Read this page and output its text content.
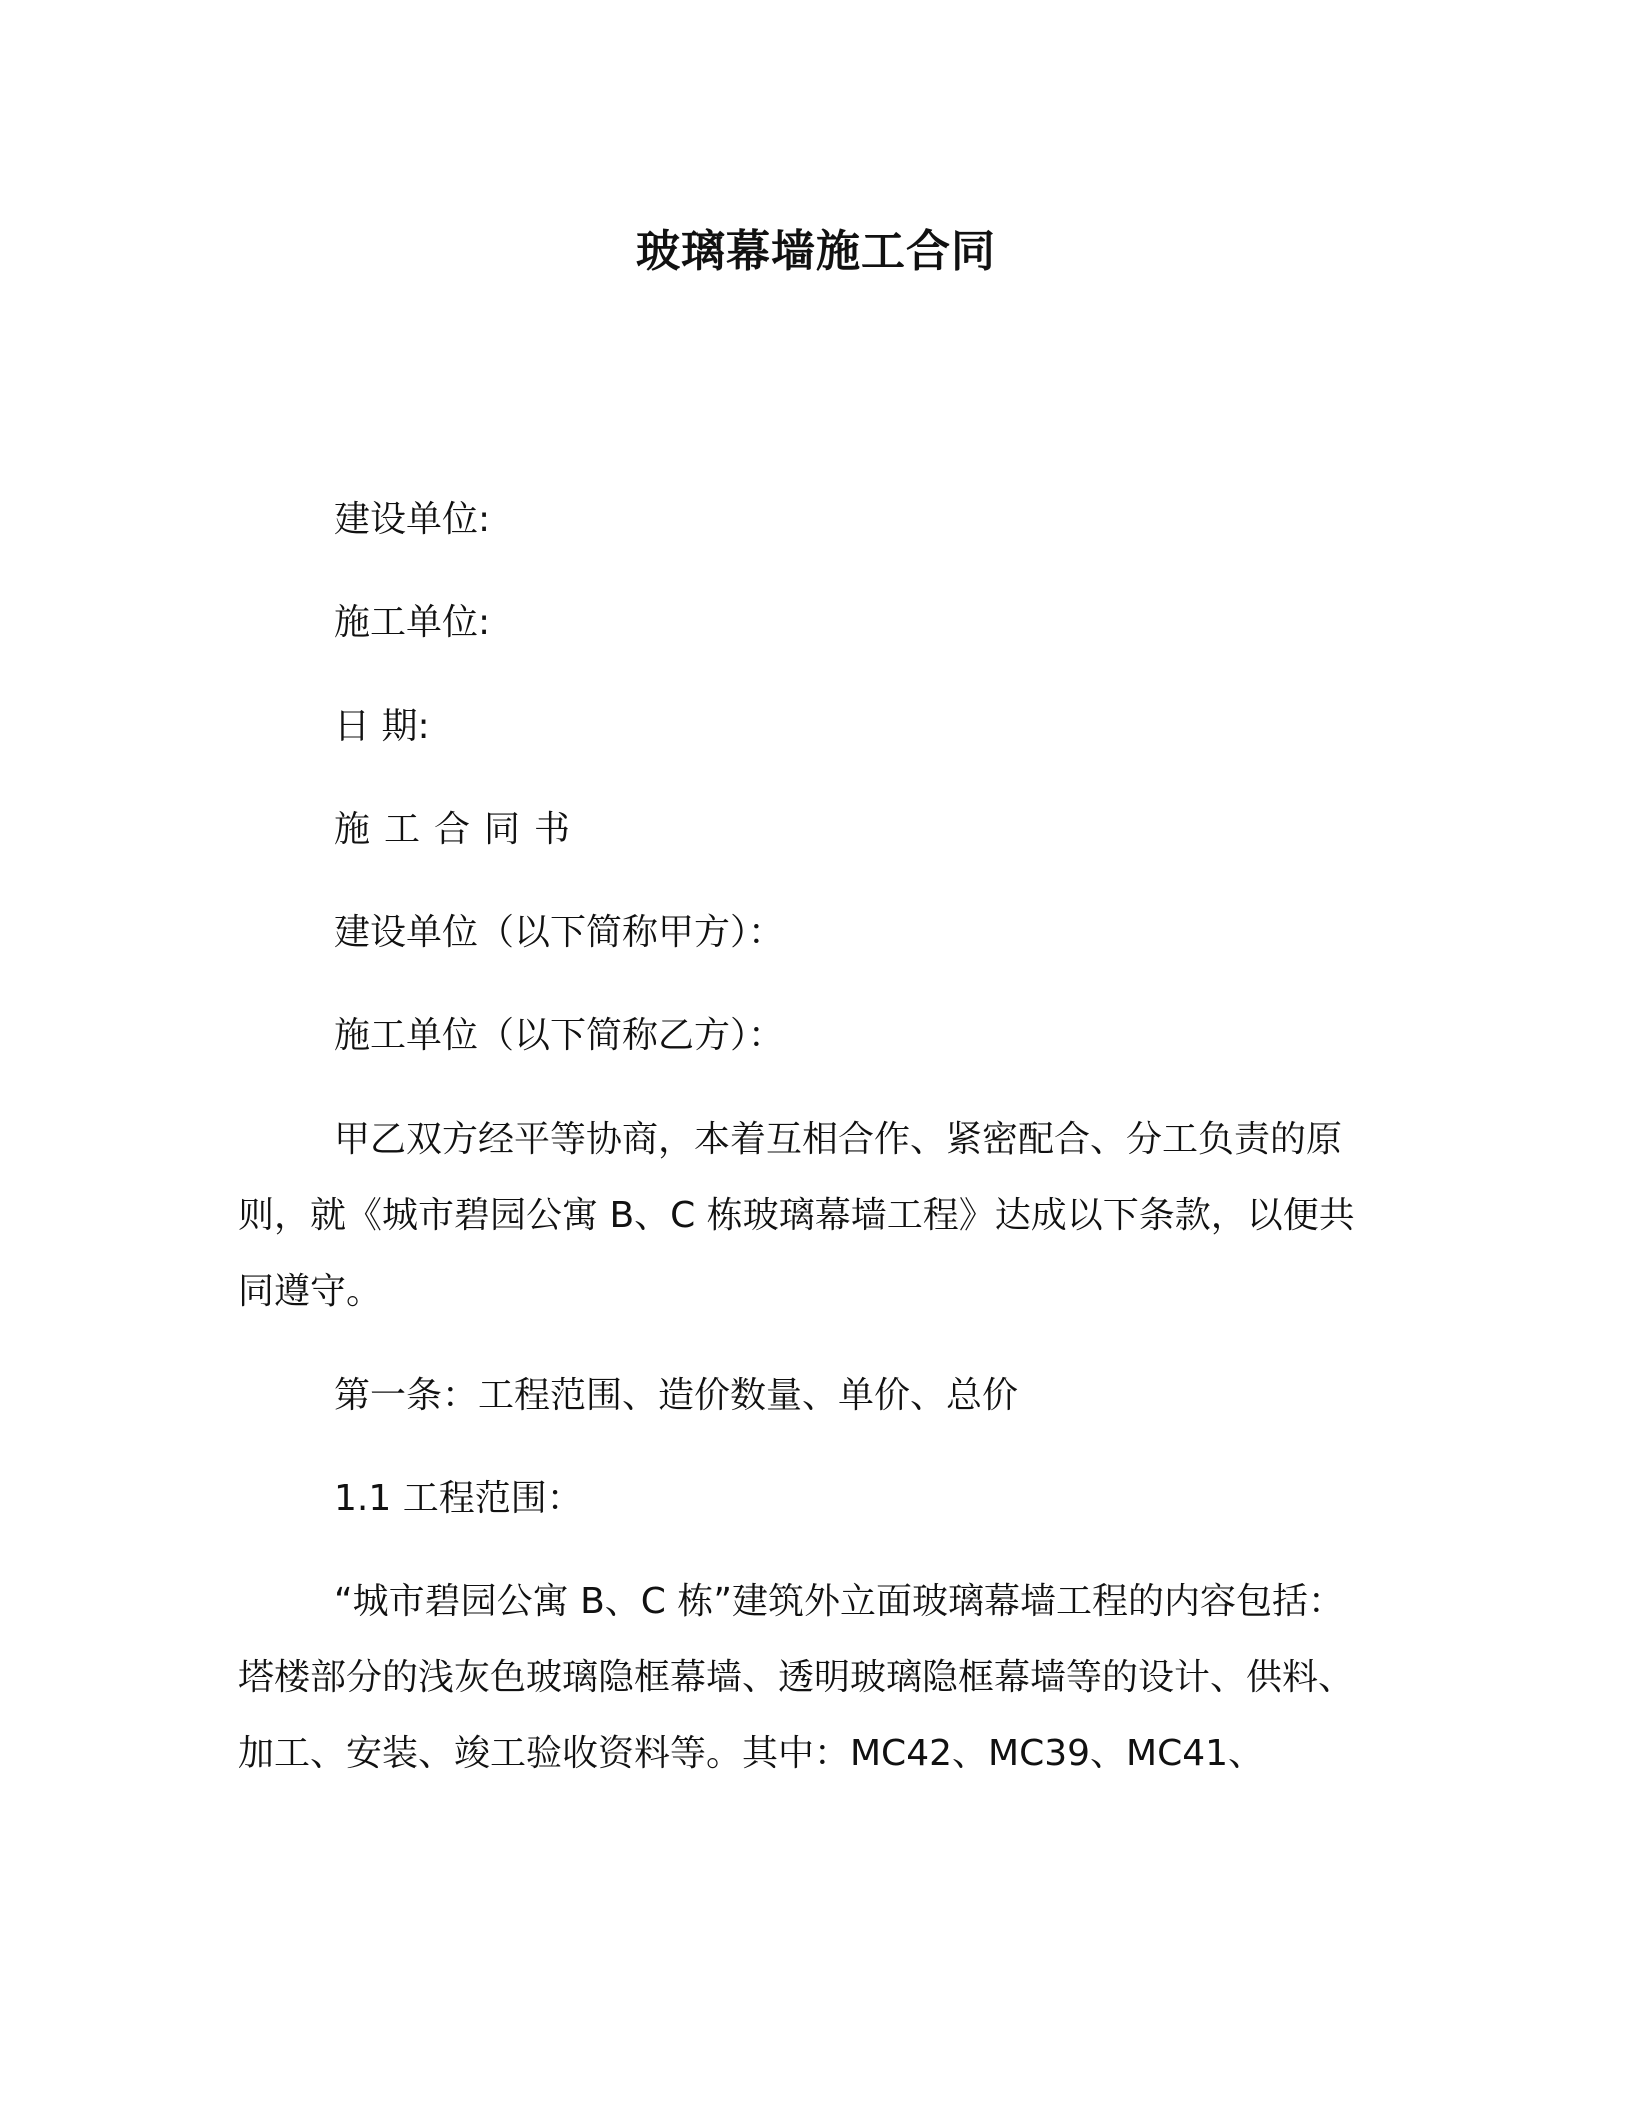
玻璃幕墙施工合同
建设单位:
施工单位:
日 期:
施工合同书
建设单位（以下简称甲方）：
施工单位（以下简称乙方）：
甲乙双方经平等协商，本着互相合作、紧密配合、分工负责的原
则，就《城市碧园公寓 B、C 栋玻璃幕墙工程》达成以下条款，以便共
同遵守。
第一条：工程范围、造价数量、单价、总价
1.1 工程范围：
“城市碧园公寓 B、C 栋”建筑外立面玻璃幕墙工程的内容包括：
塔楼部分的浅灰色玻璃隐框幕墙、透明玻璃隐框幕墙等的设计、供料、
加工、安装、竣工验收资料等。其中：MC42、MC39、MC41、
